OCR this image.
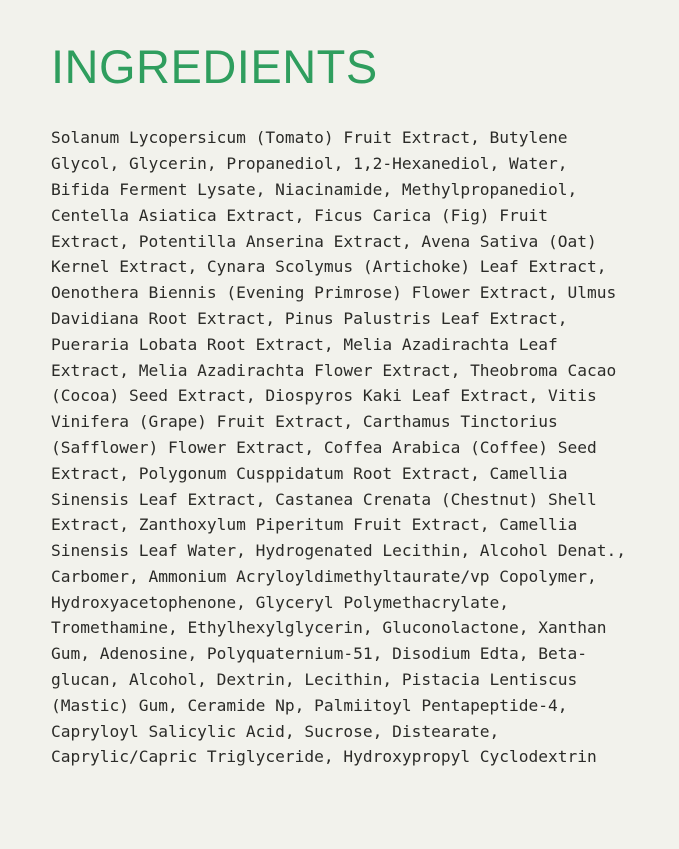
INGREDIENTS
Solanum Lycopersicum (Tomato) Fruit Extract, Butylene Glycol, Glycerin, Propanediol, 1,2-Hexanediol, Water, Bifida Ferment Lysate, Niacinamide, Methylpropanediol, Centella Asiatica Extract, Ficus Carica (Fig) Fruit Extract, Potentilla Anserina Extract, Avena Sativa (Oat) Kernel Extract, Cynara Scolymus (Artichoke) Leaf Extract, Oenothera Biennis (Evening Primrose) Flower Extract, Ulmus Davidiana Root Extract, Pinus Palustris Leaf Extract, Pueraria Lobata Root Extract, Melia Azadirachta Leaf Extract, Melia Azadirachta Flower Extract, Theobroma Cacao (Cocoa) Seed Extract, Diospyros Kaki Leaf Extract, Vitis Vinifera (Grape) Fruit Extract, Carthamus Tinctorius (Safflower) Flower Extract, Coffea Arabica (Coffee) Seed Extract, Polygonum Cusppidatum Root Extract, Camellia Sinensis Leaf Extract, Castanea Crenata (Chestnut) Shell Extract, Zanthoxylum Piperitum Fruit Extract, Camellia Sinensis Leaf Water, Hydrogenated Lecithin, Alcohol Denat., Carbomer, Ammonium Acryloyldimethyltaurate/vp Copolymer, Hydroxyacetophenone, Glyceryl Polymethacrylate, Tromethamine, Ethylhexylglycerin, Gluconolactone, Xanthan Gum, Adenosine, Polyquaternium-51, Disodium Edta, Beta-glucan, Alcohol, Dextrin, Lecithin, Pistacia Lentiscus (Mastic) Gum, Ceramide Np, Palmiitoyl Pentapeptide-4, Capryloyl Salicylic Acid, Sucrose, Distearate, Caprylic/Capric Triglyceride, Hydroxypropyl Cyclodextrin
